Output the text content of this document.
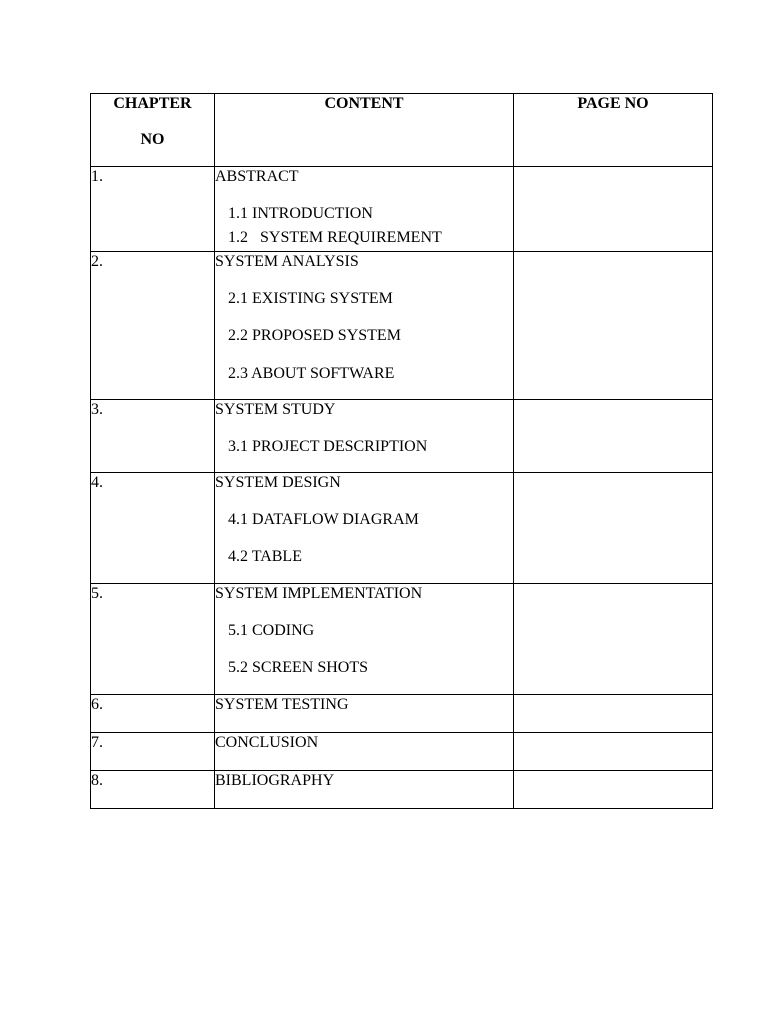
CHAPTER
NO	CONTENT	PAGE NO
1.	ABSTRACT
1.1 INTRODUCTION
1.2   SYSTEM REQUIREMENT	

2.	SYSTEM ANALYSIS
2.1 EXISTING SYSTEM
2.2 PROPOSED SYSTEM
2.3 ABOUT SOFTWARE	

3.	SYSTEM STUDY
3.1 PROJECT DESCRIPTION	

4.	SYSTEM DESIGN
4.1 DATAFLOW DIAGRAM
4.2 TABLE	

5.	SYSTEM IMPLEMENTATION
5.1 CODING
5.2 SCREEN SHOTS	

6.	SYSTEM TESTING	

7.	CONCLUSION	

8.	BIBLIOGRAPHY	
